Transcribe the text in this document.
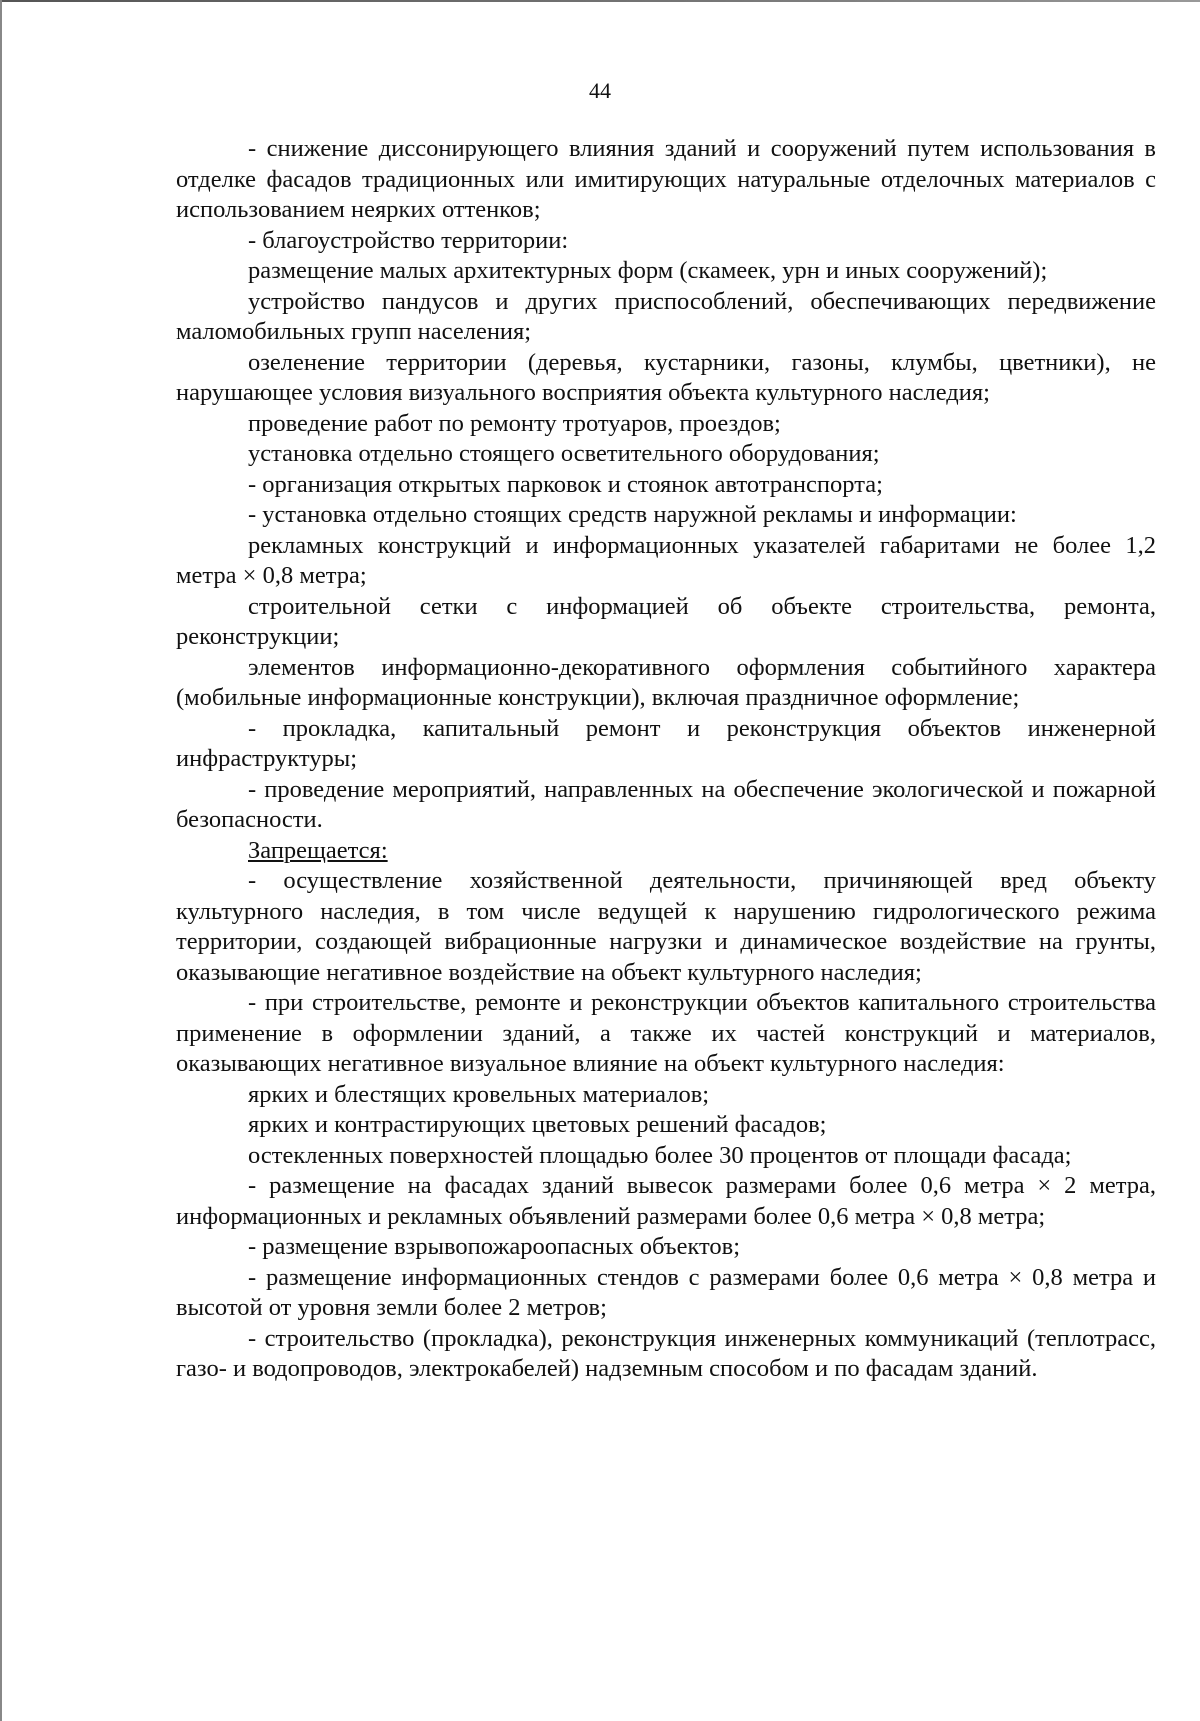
44

- снижение диссонирующего влияния зданий и сооружений путем использования в отделке фасадов традиционных или имитирующих натуральные отделочных материалов с использованием неярких оттенков;

- благоустройство территории:

размещение малых архитектурных форм (скамеек, урн и иных сооружений);

устройство пандусов и других приспособлений, обеспечивающих передвижение маломобильных групп населения;

озеленение территории (деревья, кустарники, газоны, клумбы, цветники), не нарушающее условия визуального восприятия объекта культурного наследия;

проведение работ по ремонту тротуаров, проездов;

установка отдельно стоящего осветительного оборудования;

- организация открытых парковок и стоянок автотранспорта;

- установка отдельно стоящих средств наружной рекламы и информации:

рекламных конструкций и информационных указателей габаритами не более 1,2 метра × 0,8 метра;

строительной сетки с информацией об объекте строительства, ремонта, реконструкции;

элементов информационно-декоративного оформления событийного характера (мобильные информационные конструкции), включая праздничное оформление;

- прокладка, капитальный ремонт и реконструкция объектов инженерной инфраструктуры;

- проведение мероприятий, направленных на обеспечение экологической и пожарной безопасности.

Запрещается:

- осуществление хозяйственной деятельности, причиняющей вред объекту культурного наследия, в том числе ведущей к нарушению гидрологического режима территории, создающей вибрационные нагрузки и динамическое воздействие на грунты, оказывающие негативное воздействие на объект культурного наследия;

- при строительстве, ремонте и реконструкции объектов капитального строительства применение в оформлении зданий, а также их частей конструкций и материалов, оказывающих негативное визуальное влияние на объект культурного наследия:

ярких и блестящих кровельных материалов;

ярких и контрастирующих цветовых решений фасадов;

остекленных поверхностей площадью более 30 процентов от площади фасада;

- размещение на фасадах зданий вывесок размерами более 0,6 метра × 2 метра, информационных и рекламных объявлений размерами более 0,6 метра × 0,8 метра;

- размещение взрывопожароопасных объектов;

- размещение информационных стендов с размерами более 0,6 метра × 0,8 метра и высотой от уровня земли более 2 метров;

- строительство (прокладка), реконструкция инженерных коммуникаций (теплотрасс, газо- и водопроводов, электрокабелей) надземным способом и по фасадам зданий.
